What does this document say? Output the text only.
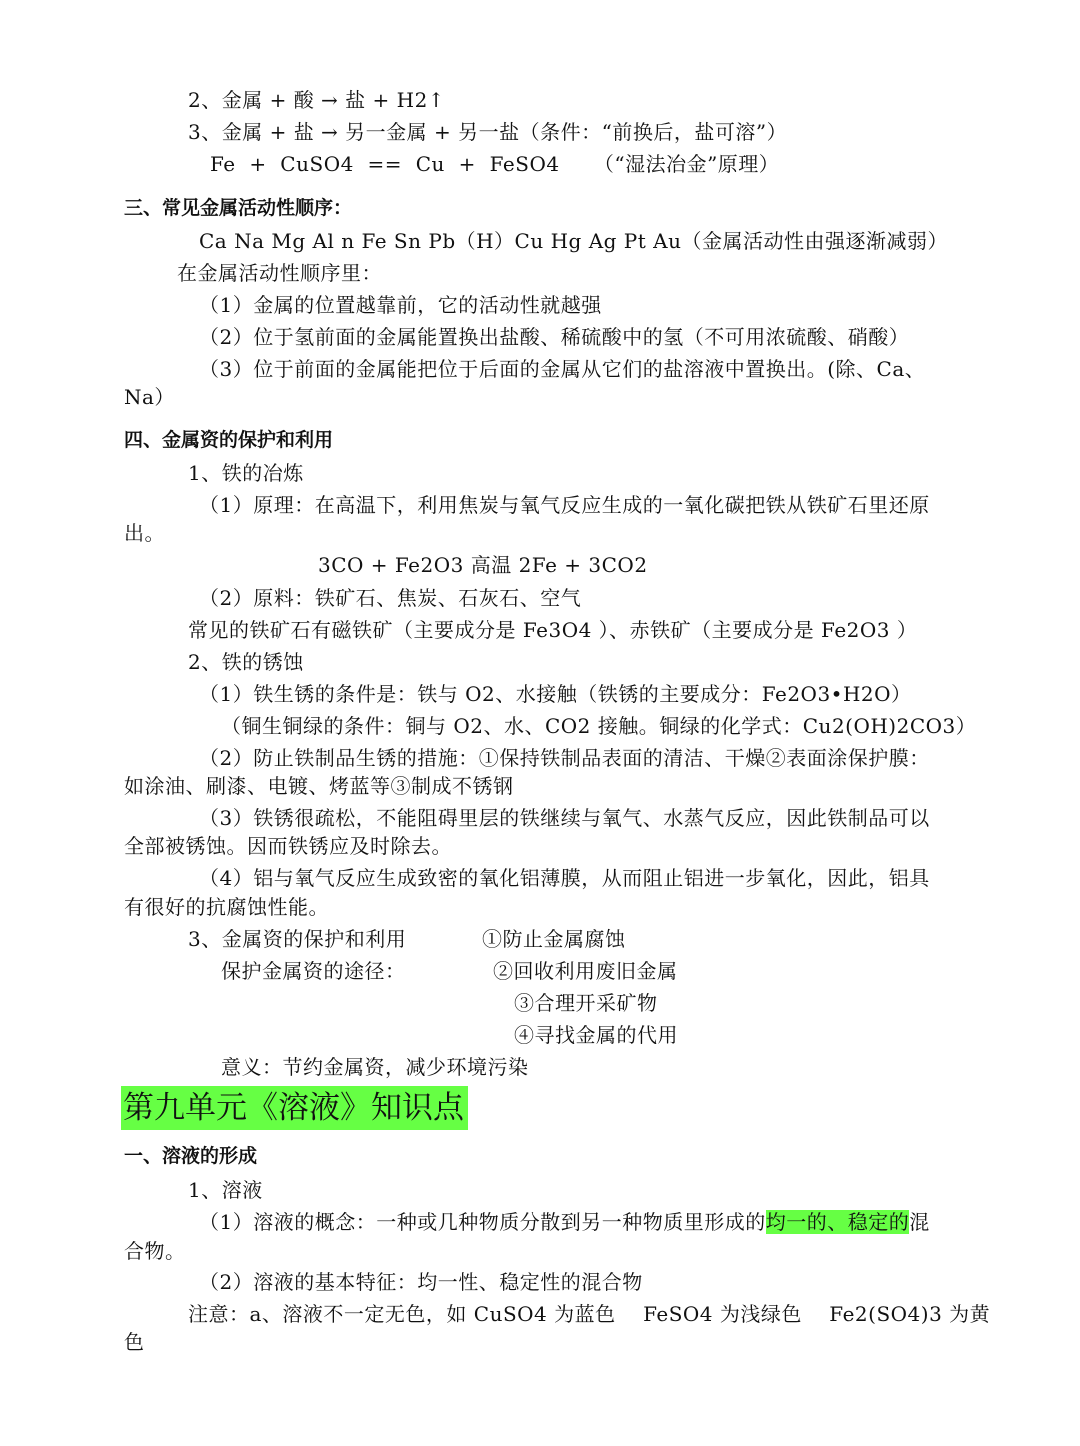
2、金属 + 酸 → 盐 + H2↑
3、金属 + 盐 → 另一金属 + 另一盐（条件：“前换后，盐可溶”）
Fe  +  CuSO4  ==  Cu  +  FeSO4     （“湿法冶金”原理）
三、常见金属活动性顺序：
Ca Na Mg Al n Fe Sn Pb（H）Cu Hg Ag Pt Au（金属活动性由强逐渐减弱）
在金属活动性顺序里：
（1）金属的位置越靠前，它的活动性就越强
（2）位于氢前面的金属能置换出盐酸、稀硫酸中的氢（不可用浓硫酸、硝酸）
（3）位于前面的金属能把位于后面的金属从它们的盐溶液中置换出。(除、Ca、
Na）
四、金属资的保护和利用
1、铁的冶炼
（1）原理：在高温下，利用焦炭与氧气反应生成的一氧化碳把铁从铁矿石里还原
出。
3CO + Fe2O3 高温 2Fe + 3CO2
（2）原料：铁矿石、焦炭、石灰石、空气
常见的铁矿石有磁铁矿（主要成分是 Fe3O4 ）、赤铁矿（主要成分是 Fe2O3 ）
2、铁的锈蚀
（1）铁生锈的条件是：铁与 O2、水接触（铁锈的主要成分：Fe2O3•H2O）
（铜生铜绿的条件：铜与 O2、水、CO2 接触。铜绿的化学式：Cu2(OH)2CO3）
（2）防止铁制品生锈的措施：①保持铁制品表面的清洁、干燥②表面涂保护膜：
如涂油、刷漆、电镀、烤蓝等③制成不锈钢
（3）铁锈很疏松，不能阻碍里层的铁继续与氧气、水蒸气反应，因此铁制品可以
全部被锈蚀。因而铁锈应及时除去。
（4）铝与氧气反应生成致密的氧化铝薄膜，从而阻止铝进一步氧化，因此，铝具
有很好的抗腐蚀性能。
3、金属资的保护和利用	①防止金属腐蚀
保护金属资的途径：	②回收利用废旧金属
③合理开采矿物
④寻找金属的代用
意义：节约金属资，减少环境污染
第九单元《溶液》知识点
一、溶液的形成
1、溶液
（1）溶液的概念：一种或几种物质分散到另一种物质里形成的均一的、稳定的混
合物。
（2）溶液的基本特征：均一性、稳定性的混合物
注意：a、溶液不一定无色，如 CuSO4 为蓝色    FeSO4 为浅绿色    Fe2(SO4)3 为黄
色
